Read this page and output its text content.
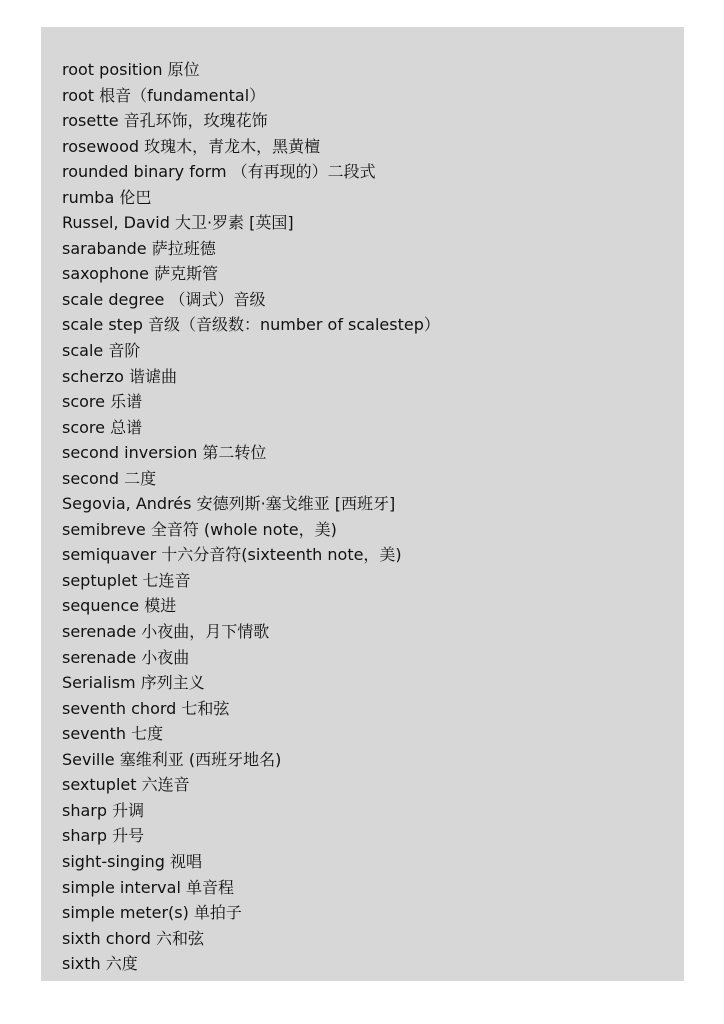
root position 原位
root 根音（fundamental）
rosette 音孔环饰，玫瑰花饰
rosewood 玫瑰木，青龙木，黑黄檀
rounded binary form （有再现的）二段式
rumba 伦巴
Russel, David 大卫·罗素 [英国]
sarabande 萨拉班德
saxophone 萨克斯管
scale degree （调式）音级
scale step 音级（音级数：number of scalestep）
scale 音阶
scherzo 谐谑曲
score 乐谱
score 总谱
second inversion 第二转位
second 二度
Segovia, Andrés 安德列斯·塞戈维亚 [西班牙]
semibreve 全音符 (whole note，美)
semiquaver 十六分音符(sixteenth note，美)
septuplet 七连音
sequence 模进
serenade 小夜曲，月下情歌
serenade 小夜曲
Serialism 序列主义
seventh chord 七和弦
seventh 七度
Seville 塞维利亚 (西班牙地名)
sextuplet 六连音
sharp 升调
sharp 升号
sight-singing 视唱
simple interval 单音程
simple meter(s) 单拍子
sixth chord 六和弦
sixth 六度
